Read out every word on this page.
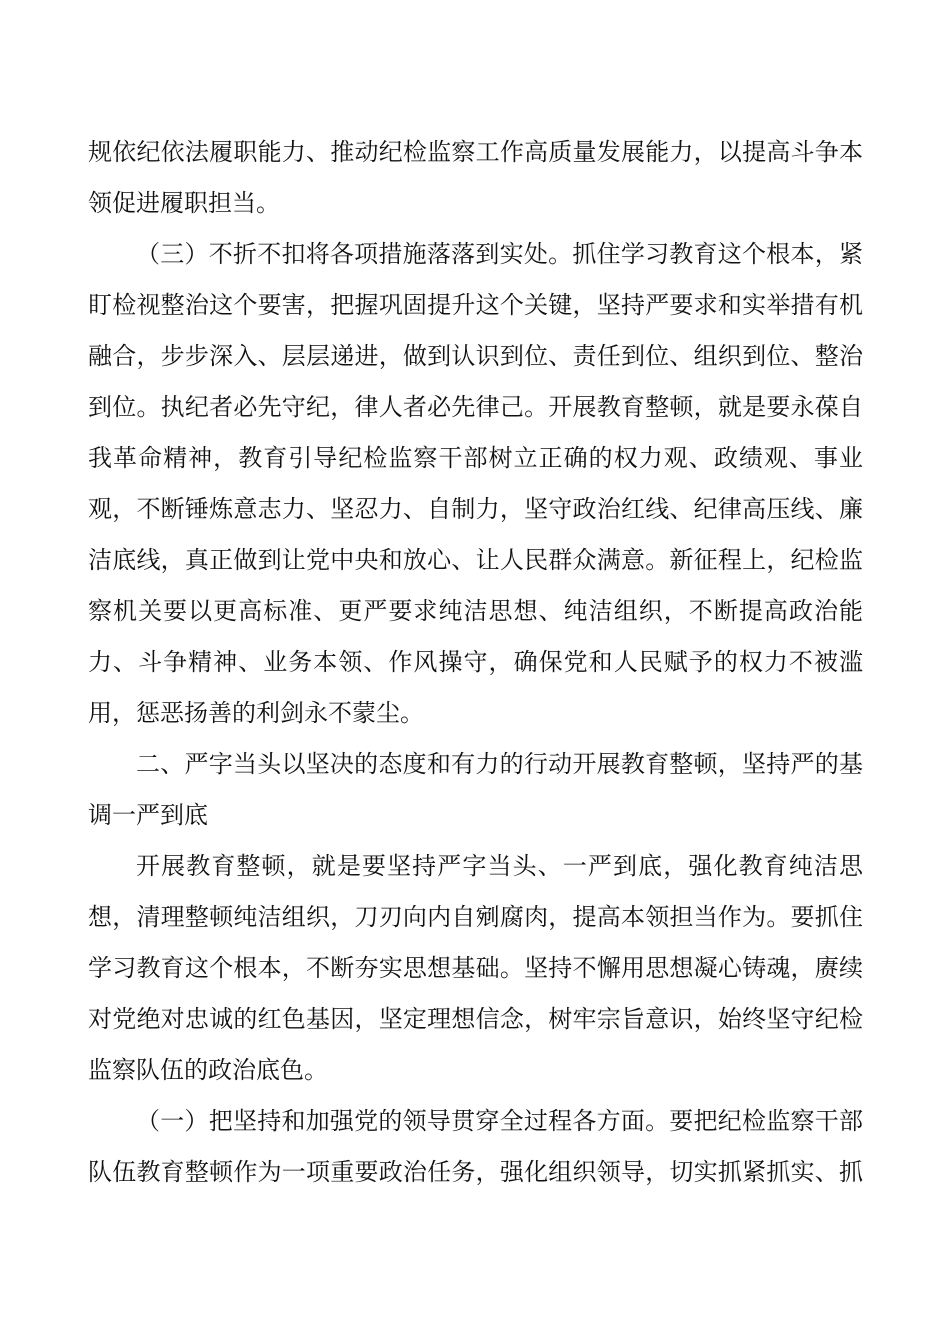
规依纪依法履职能力、推动纪检监察工作高质量发展能力，以提高斗争本
领促进履职担当。
（三）不折不扣将各项措施落落到实处。抓住学习教育这个根本，紧
盯检视整治这个要害，把握巩固提升这个关键，坚持严要求和实举措有机
融合，步步深入、层层递进，做到认识到位、责任到位、组织到位、整治
到位。执纪者必先守纪，律人者必先律己。开展教育整顿，就是要永葆自
我革命精神，教育引导纪检监察干部树立正确的权力观、政绩观、事业
观，不断锤炼意志力、坚忍力、自制力，坚守政治红线、纪律高压线、廉
洁底线，真正做到让党中央和放心、让人民群众满意。新征程上，纪检监
察机关要以更高标准、更严要求纯洁思想、纯洁组织，不断提高政治能
力、斗争精神、业务本领、作风操守，确保党和人民赋予的权力不被滥
用，惩恶扬善的利剑永不蒙尘。
二、严字当头以坚决的态度和有力的行动开展教育整顿，坚持严的基
调一严到底
开展教育整顿，就是要坚持严字当头、一严到底，强化教育纯洁思
想，清理整顿纯洁组织，刀刃向内自剜腐肉，提高本领担当作为。要抓住
学习教育这个根本，不断夯实思想基础。坚持不懈用思想凝心铸魂，赓续
对党绝对忠诚的红色基因，坚定理想信念，树牢宗旨意识，始终坚守纪检
监察队伍的政治底色。
（一）把坚持和加强党的领导贯穿全过程各方面。要把纪检监察干部
队伍教育整顿作为一项重要政治任务，强化组织领导，切实抓紧抓实、抓
